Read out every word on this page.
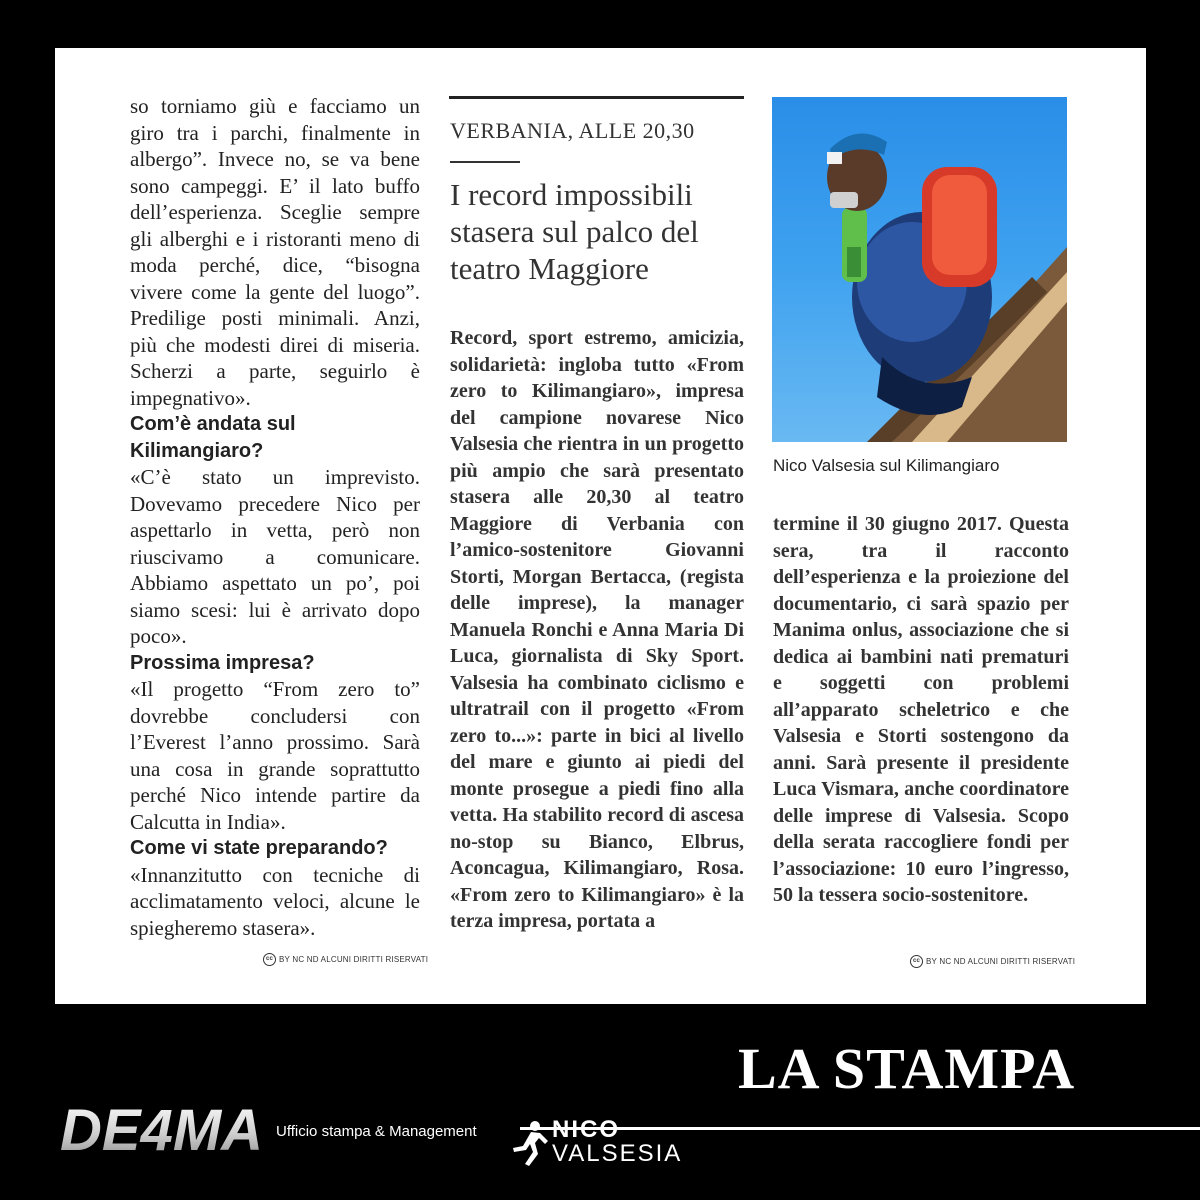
so torniamo giù e facciamo un giro tra i parchi, finalmente in albergo”. Invece no, se va bene sono campeggi. E’ il lato buffo dell’esperienza. Sceglie sempre gli alberghi e i ristoranti meno di moda perché, dice, “bisogna vivere come la gente del luogo”. Predilige posti minimali. Anzi, più che modesti direi di miseria. Scherzi a parte, seguirlo è impegnativo».

Com’è andata sul Kilimangiaro?

«C’è stato un imprevisto. Dovevamo precedere Nico per aspettarlo in vetta, però non riuscivamo a comunicare. Abbiamo aspettato un po’, poi siamo scesi: lui è arrivato dopo poco».

Prossima impresa?

«Il progetto “From zero to” dovrebbe concludersi con l’Everest l’anno prossimo. Sarà una cosa in grande soprattutto perché Nico intende partire da Calcutta in India».

Come vi state preparando?

«Innanzitutto con tecniche di acclimatamento veloci, alcune le spiegheremo stasera».

cc BY NC ND ALCUNI DIRITTI RISERVATI
VERBANIA, ALLE 20,30
I record impossibili stasera sul palco del teatro Maggiore

Record, sport estremo, amicizia, solidarietà: ingloba tutto «From zero to Kilimangiaro», impresa del campione novarese Nico Valsesia che rientra in un progetto più ampio che sarà presentato stasera alle 20,30 al teatro Maggiore di Verbania con l’amico-sostenitore Giovanni Storti, Morgan Bertacca, (regista delle imprese), la manager Manuela Ronchi e Anna Maria Di Luca, giornalista di Sky Sport. Valsesia ha combinato ciclismo e ultratrail con il progetto «From zero to...»: parte in bici al livello del mare e giunto ai piedi del monte prosegue a piedi fino alla vetta. Ha stabilito record di ascesa no-stop su Bianco, Elbrus, Aconcagua, Kilimangiaro, Rosa. «From zero to Kilimangiaro» è la terza impresa, portata a

Nico Valsesia sul Kilimangiaro

termine il 30 giugno 2017. Questa sera, tra il racconto dell’esperienza e la proiezione del documentario, ci sarà spazio per Manima onlus, associazione che si dedica ai bambini nati prematuri e soggetti con problemi all’apparato scheletrico e che Valsesia e Storti sostengono da anni. Sarà presente il presidente Luca Vismara, anche coordinatore delle imprese di Valsesia. Scopo della serata raccogliere fondi per l’associazione: 10 euro l’ingresso, 50 la tessera socio-sostenitore.

cc BY NC ND ALCUNI DIRITTI RISERVATI
LA STAMPA
DE4MA Ufficio stampa & Management	NICO
VALSESIA
